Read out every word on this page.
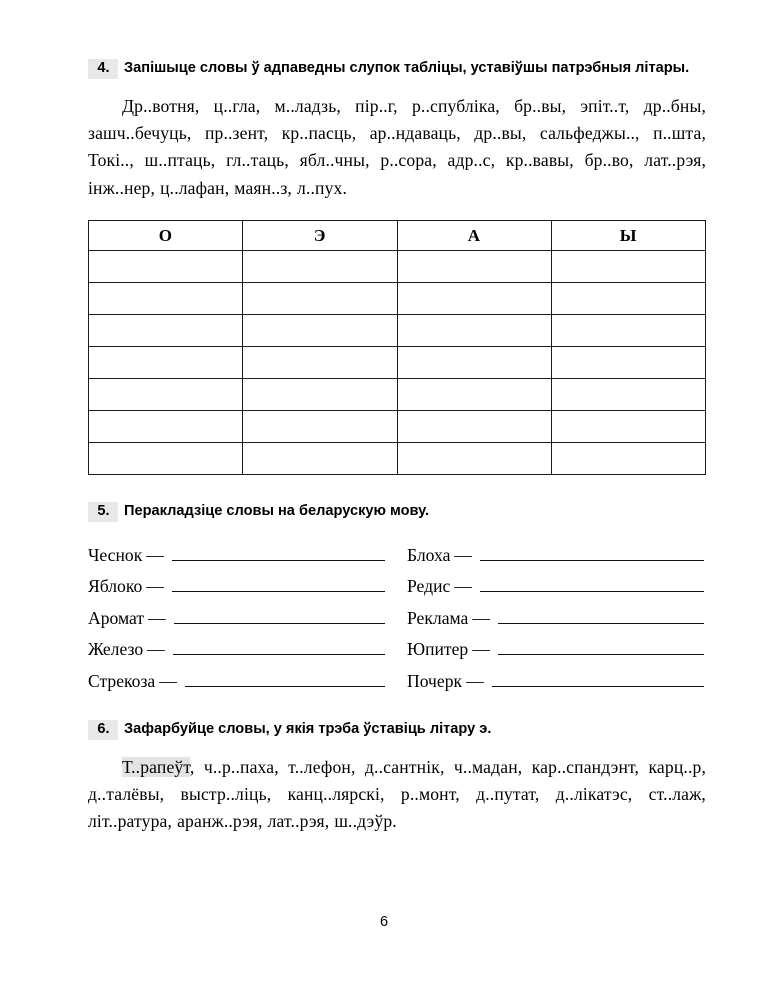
4. Запішыце словы ў адпаведны слупок табліцы, уставіўшы патрэбныя літары.

Др..вотня, ц..гла, м..ладзь, пір..г, р..спубліка, бр..вы, эпіт..т, др..бны, зашч..бечуць, пр..зент, кр..пасць, ар..ндаваць, др..вы, сальфеджы.., п..шта, Токі.., ш..птаць, гл..таць, ябл..чны, р..сора, адр..с, кр..вавы, бр..во, лат..рэя, інж..нер, ц..лафан, маян..з, л..пух.

О	Э	А	Ы

5. Перакладзіце словы на беларускую мову.
Чеснок —	Блоха —
Яблоко —	Редис —
Аромат —	Реклама —
Железо —	Юпитер —
Стрекоза —	Почерк —
6. Зафарбуйце словы, у якія трэба ўставіць літару э.

Т..рапеўт, ч..р..паха, т..лефон, д..сантнік, ч..мадан, кар..спандэнт, карц..р, д..талёвы, выстр..ліць, канц..лярскі, р..монт, д..путат, д..лікатэс, ст..лаж, літ..ратура, аранж..рэя, лат..рэя, ш..дэўр.

6
